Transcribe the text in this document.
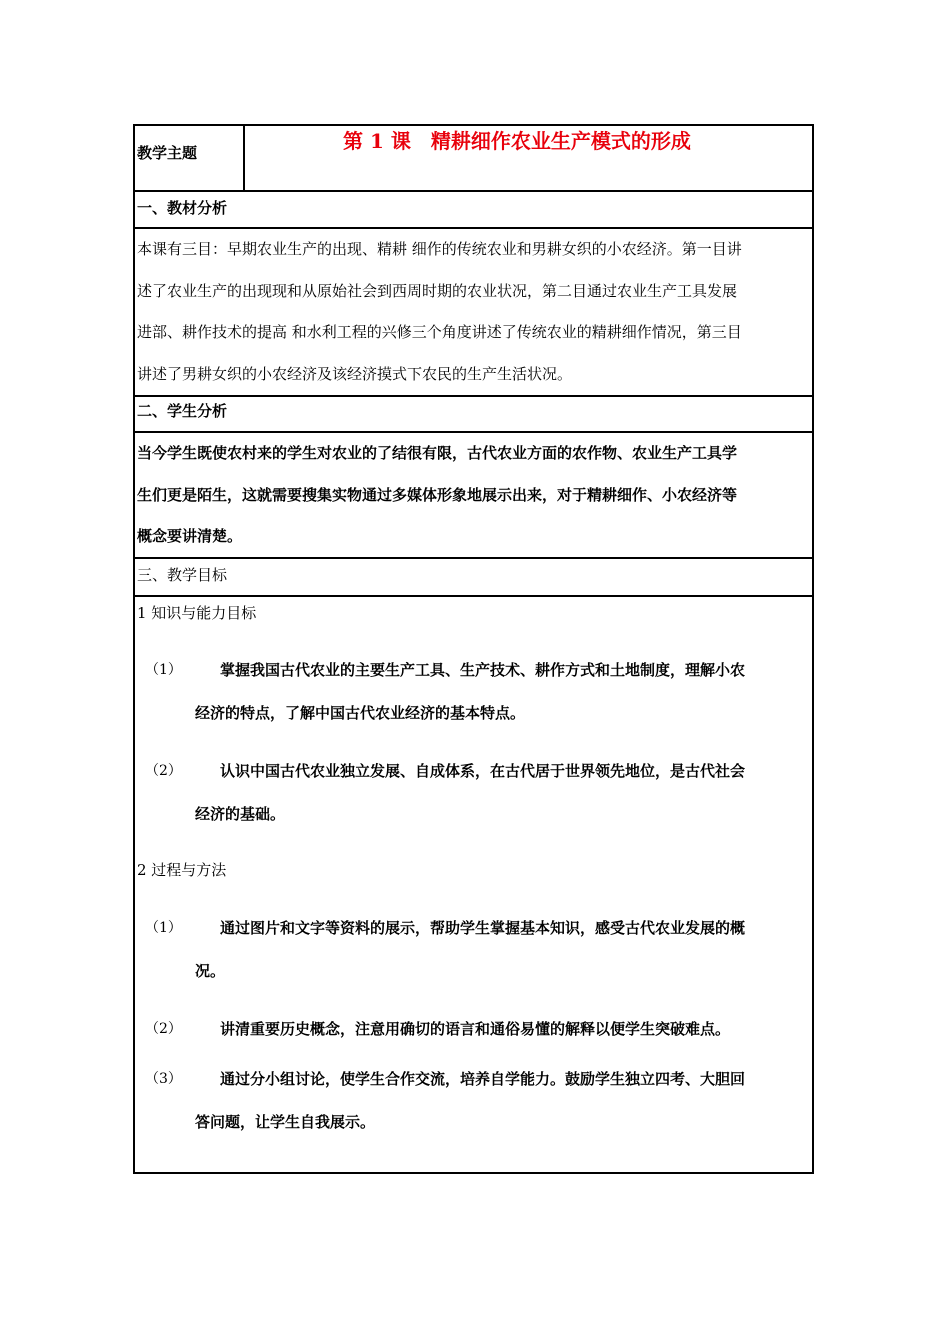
教学主题	第 1 课　精耕细作农业生产模式的形成
一、教材分析
本课有三目：早期农业生产的出现、精耕 细作的传统农业和男耕女织的小农经济。第一目讲
述了农业生产的出现现和从原始社会到西周时期的农业状况，第二目通过农业生产工具发展
进部、耕作技术的提高 和水利工程的兴修三个角度讲述了传统农业的精耕细作情况，第三目
讲述了男耕女织的小农经济及该经济摸式下农民的生产生活状况。
二、学生分析
当今学生既使农村来的学生对农业的了结很有限，古代农业方面的农作物、农业生产工具学
生们更是陌生，这就需要搜集实物通过多媒体形象地展示出来，对于精耕细作、小农经济等
概念要讲清楚。
三、教学目标
1 知识与能力目标
（1）	掌握我国古代农业的主要生产工具、生产技术、耕作方式和土地制度，理解小农
经济的特点，了解中国古代农业经济的基本特点。
（2）	认识中国古代农业独立发展、自成体系，在古代居于世界领先地位，是古代社会
经济的基础。
2 过程与方法
（1）	通过图片和文字等资料的展示，帮助学生掌握基本知识，感受古代农业发展的概
况。
（2）	讲清重要历史概念，注意用确切的语言和通俗易懂的解释以便学生突破难点。
（3）	通过分小组讨论，使学生合作交流，培养自学能力。鼓励学生独立四考、大胆回
答问题，让学生自我展示。
